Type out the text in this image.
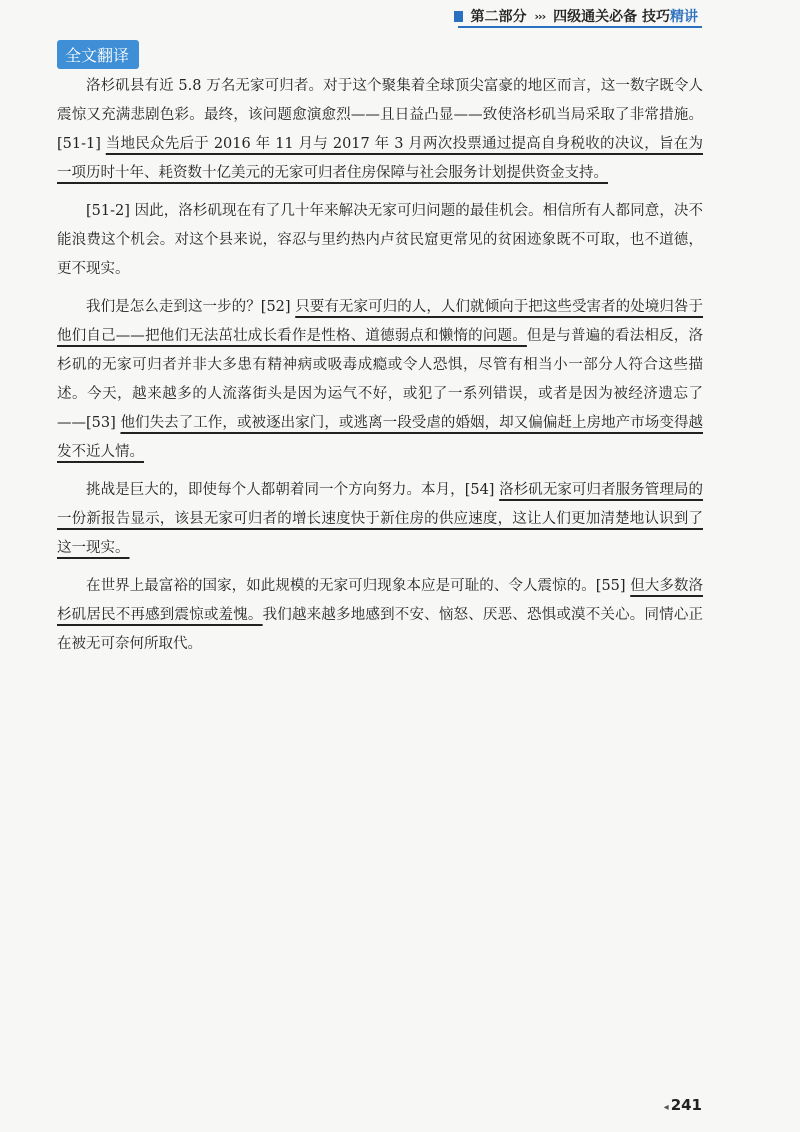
第二部分 ››› 四级通关必备 技巧精讲
全文翻译

洛杉矶县有近 5.8 万名无家可归者。对于这个聚集着全球顶尖富豪的地区而言，这一数字既令人震惊又充满悲剧色彩。最终，该问题愈演愈烈——且日益凸显——致使洛杉矶当局采取了非常措施。[51-1] 当地民众先后于 2016 年 11 月与 2017 年 3 月两次投票通过提高自身税收的决议，旨在为一项历时十年、耗资数十亿美元的无家可归者住房保障与社会服务计划提供资金支持。

[51-2] 因此，洛杉矶现在有了几十年来解决无家可归问题的最佳机会。相信所有人都同意，决不能浪费这个机会。对这个县来说，容忍与里约热内卢贫民窟更常见的贫困迹象既不可取，也不道德，更不现实。

我们是怎么走到这一步的？[52] 只要有无家可归的人，人们就倾向于把这些受害者的处境归咎于他们自己——把他们无法茁壮成长看作是性格、道德弱点和懒惰的问题。但是与普遍的看法相反，洛杉矶的无家可归者并非大多患有精神病或吸毒成瘾或令人恐惧，尽管有相当小一部分人符合这些描述。今天，越来越多的人流落街头是因为运气不好，或犯了一系列错误，或者是因为被经济遗忘了——[53] 他们失去了工作，或被逐出家门，或逃离一段受虐的婚姻，却又偏偏赶上房地产市场变得越发不近人情。

挑战是巨大的，即使每个人都朝着同一个方向努力。本月，[54] 洛杉矶无家可归者服务管理局的一份新报告显示，该县无家可归者的增长速度快于新住房的供应速度，这让人们更加清楚地认识到了这一现实。

在世界上最富裕的国家，如此规模的无家可归现象本应是可耻的、令人震惊的。[55] 但大多数洛杉矶居民不再感到震惊或羞愧。我们越来越多地感到不安、恼怒、厌恶、恐惧或漠不关心。同情心正在被无可奈何所取代。

◂ 241
